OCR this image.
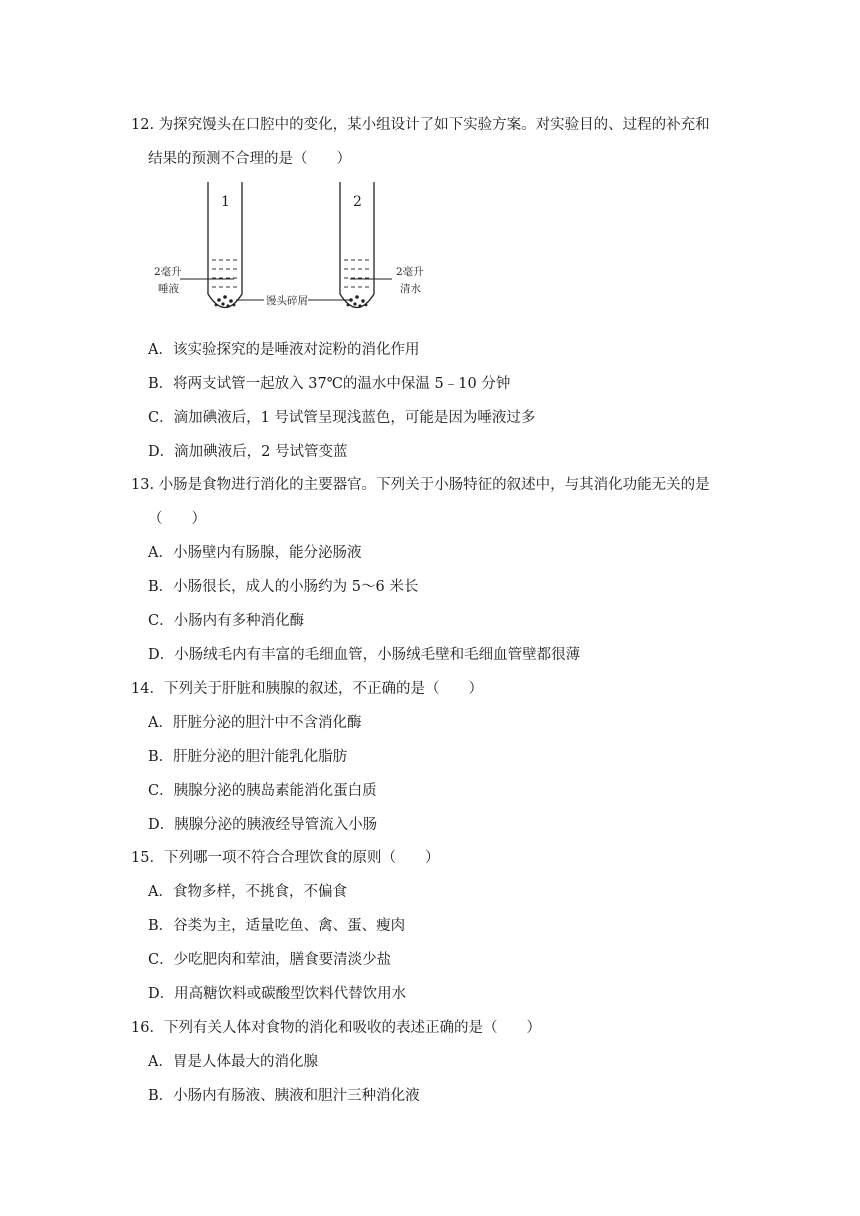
12. 为探究馒头在口腔中的变化，某小组设计了如下实验方案。对实验目的、过程的补充和
结果的预测不合理的是（　　）
1	2
2毫升
唾液
馒头碎屑
2毫升
清水
A．该实验探究的是唾液对淀粉的消化作用
B．将两支试管一起放入 37℃的温水中保温 5﹣10 分钟
C．滴加碘液后，1 号试管呈现浅蓝色，可能是因为唾液过多
D．滴加碘液后，2 号试管变蓝
13. 小肠是食物进行消化的主要器官。下列关于小肠特征的叙述中，与其消化功能无关的是
（　　）
A．小肠壁内有肠腺，能分泌肠液
B．小肠很长，成人的小肠约为 5～6 米长
C．小肠内有多种消化酶
D．小肠绒毛内有丰富的毛细血管，小肠绒毛壁和毛细血管壁都很薄
14．下列关于肝脏和胰腺的叙述，不正确的是（　　）
A．肝脏分泌的胆汁中不含消化酶
B．肝脏分泌的胆汁能乳化脂肪
C．胰腺分泌的胰岛素能消化蛋白质
D．胰腺分泌的胰液经导管流入小肠
15．下列哪一项不符合合理饮食的原则（　　）
A．食物多样，不挑食，不偏食
B．谷类为主，适量吃鱼、禽、蛋、瘦肉
C．少吃肥肉和荤油，膳食要清淡少盐
D．用高糖饮料或碳酸型饮料代替饮用水
16．下列有关人体对食物的消化和吸收的表述正确的是（　　）
A．胃是人体最大的消化腺
B．小肠内有肠液、胰液和胆汁三种消化液
